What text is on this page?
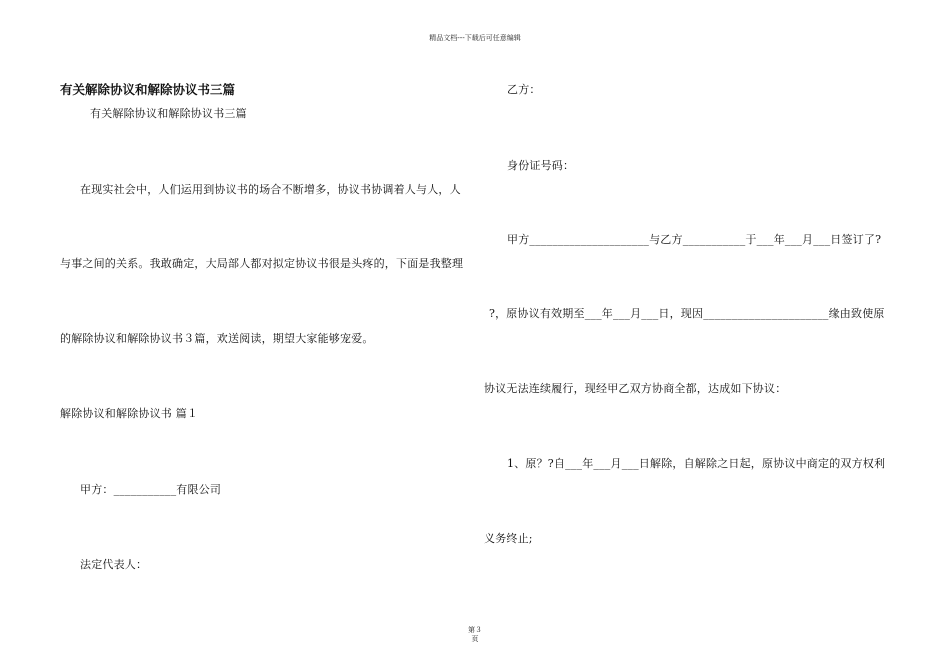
精品文档---下载后可任意编辑
有关解除协议和解除协议书三篇
有关解除协议和解除协议书三篇
在现实社会中，人们运用到协议书的场合不断增多，协议书协调着人与人，人
与事之间的关系。我敢确定，大局部人都对拟定协议书很是头疼的，下面是我整理
的解除协议和解除协议书３篇，欢送阅读，期望大家能够宠爱。
解除协议和解除协议书 篇１
甲方：___________有限公司
法定代表人：
乙方：
身份证号码：
甲方_____________________与乙方___________于___年___月___日签订了?
?，原协议有效期至___年___月___日，现因______________________缘由致使原
协议无法连续履行，现经甲乙双方协商全都，达成如下协议：
1、原？?自___年___月___日解除，自解除之日起，原协议中商定的双方权利
义务终止;
第３
页
